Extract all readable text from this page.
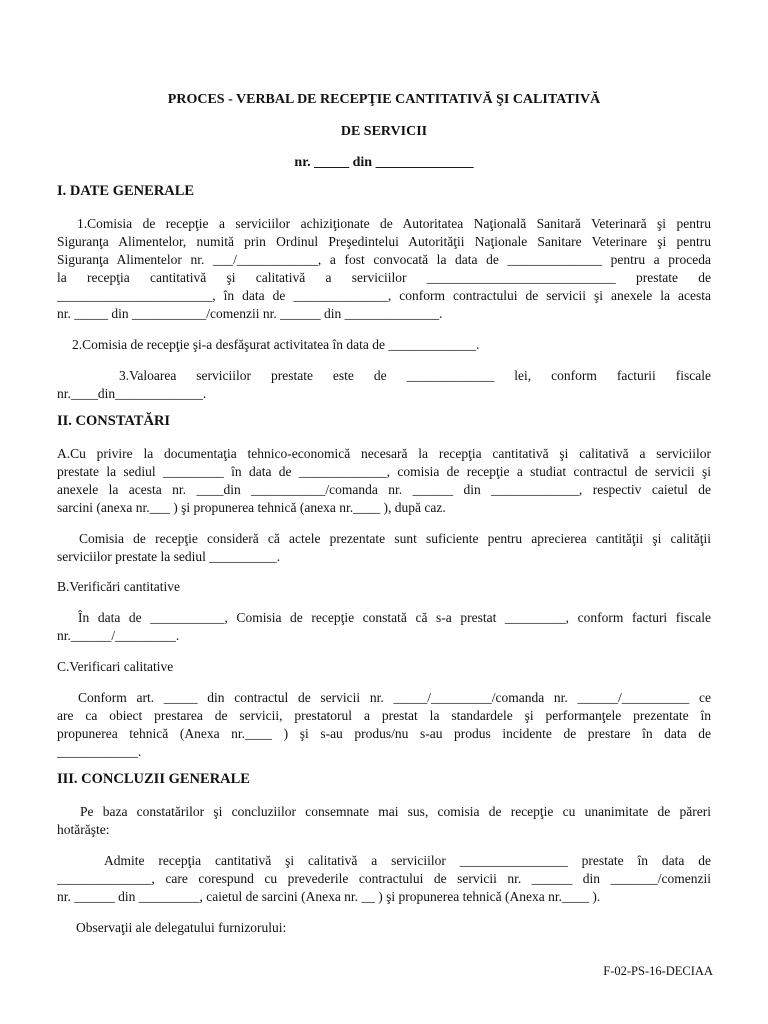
PROCES - VERBAL DE RECEPŢIE CANTITATIVĂ ŞI CALITATIVĂ
DE SERVICII
nr. _____ din ______________
I. DATE GENERALE
1.Comisia de recepţie a serviciilor achiziţionate de Autoritatea Naţională Sanitară Veterinară şi pentru
Siguranţa Alimentelor, numită prin Ordinul Preşedintelui Autorităţii Naţionale Sanitare Veterinare şi pentru
Siguranţa Alimentelor nr. ___/____________, a fost convocată la data de ______________ pentru a proceda
la recepţia cantitativă şi calitativă a serviciilor ____________________________ prestate de
_______________________, în data de ______________, conform contractului de servicii şi anexele la acesta
nr. _____ din ___________/comenzii nr. ______ din ______________.
2.Comisia de recepţie şi-a desfăşurat activitatea în data de _____________.
3.Valoarea serviciilor prestate este de _____________ lei, conform facturii fiscale
nr.____din_____________.
II. CONSTATĂRI
A.Cu privire la documentaţia tehnico-economică necesară la recepţia cantitativă şi calitativă a serviciilor
prestate la sediul _________ în data de _____________, comisia de recepţie a studiat contractul de servicii şi
anexele la acesta nr. ____din ___________/comanda nr. ______ din _____________, respectiv caietul de
sarcini (anexa nr.___ ) şi propunerea tehnică (anexa nr.____ ), după caz.
Comisia de recepţie consideră că actele prezentate sunt suficiente pentru aprecierea cantităţii şi calităţii
serviciilor prestate la sediul __________.
B.Verificări cantitative
În data de ___________, Comisia de recepţie constată că s-a prestat _________, conform facturi fiscale
nr.______/_________.
C.Verificari calitative
Conform art. _____ din contractul de servicii nr. _____/_________/comanda nr. ______/__________ ce
are ca obiect prestarea de servicii, prestatorul a prestat la standardele şi performanţele prezentate în
propunerea tehnică (Anexa nr.____ ) şi s-au produs/nu s-au produs incidente de prestare în data de
____________.
III. CONCLUZII GENERALE
Pe baza constatărilor şi concluziilor consemnate mai sus, comisia de recepţie cu unanimitate de păreri
hotărăşte:
Admite recepţia cantitativă şi calitativă a serviciilor ________________ prestate în data de
______________, care corespund cu prevederile contractului de servicii nr. ______ din _______/comenzii
nr. ______ din _________, caietul de sarcini (Anexa nr. __ ) şi propunerea tehnică (Anexa nr.____ ).
Observaţii ale delegatului furnizorului:
F-02-PS-16-DECIAA
